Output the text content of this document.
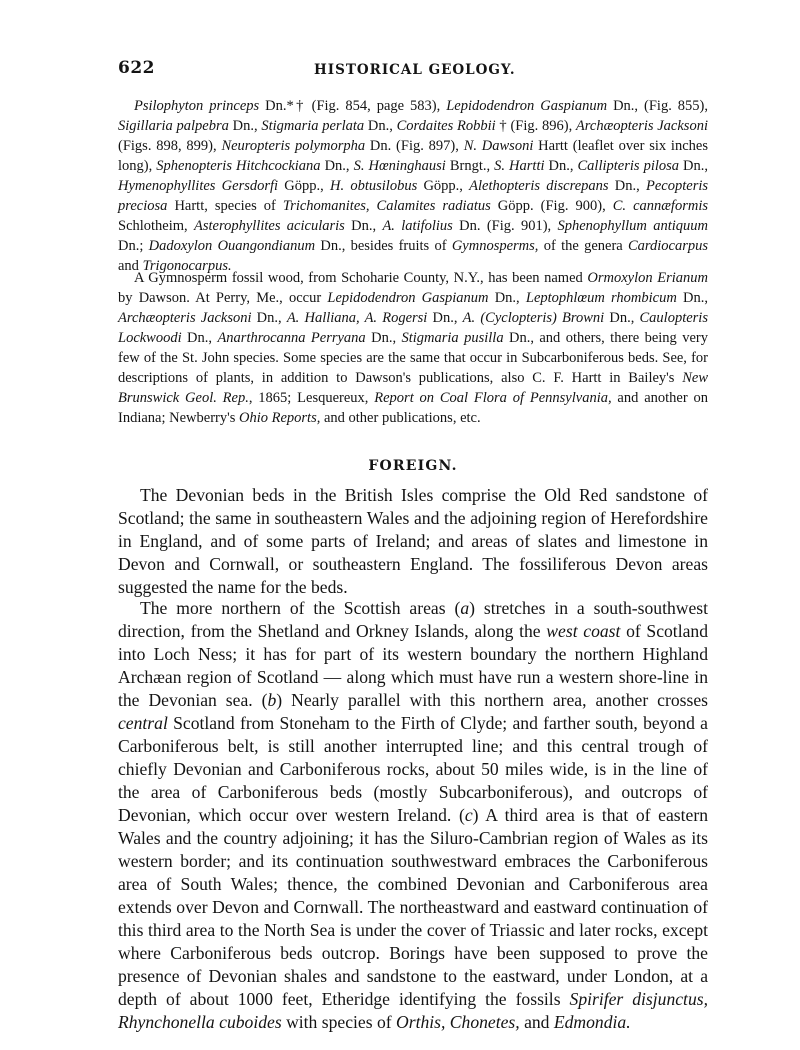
622	HISTORICAL GEOLOGY.

Psilophyton princeps Dn.*† (Fig. 854, page 583), Lepidodendron Gaspianum Dn., (Fig. 855), Sigillaria palpebra Dn., Stigmaria perlata Dn., Cordaites Robbii † (Fig. 896), Archæopteris Jacksoni (Figs. 898, 899), Neuropteris polymorpha Dn. (Fig. 897), N. Dawsoni Hartt (leaflet over six inches long), Sphenopteris Hitchcockiana Dn., S. Hœninghausi Brngt., S. Hartti Dn., Callipteris pilosa Dn., Hymenophyllites Gersdorfi Göpp., H. obtusilobus Göpp., Alethopteris discrepans Dn., Pecopteris preciosa Hartt, species of Trichomanites, Calamites radiatus Göpp. (Fig. 900), C. cannæformis Schlotheim, Asterophyllites acicularis Dn., A. latifolius Dn. (Fig. 901), Sphenophyllum antiquum Dn.; Dadoxylon Ouangondianum Dn., besides fruits of Gymnosperms, of the genera Cardiocarpus and Trigonocarpus.

A Gymnosperm fossil wood, from Schoharie County, N.Y., has been named Ormoxylon Erianum by Dawson. At Perry, Me., occur Lepidodendron Gaspianum Dn., Leptophlœum rhombicum Dn., Archæopteris Jacksoni Dn., A. Halliana, A. Rogersi Dn., A. (Cyclopteris) Browni Dn., Caulopteris Lockwoodi Dn., Anarthrocanna Perryana Dn., Stigmaria pusilla Dn., and others, there being very few of the St. John species. Some species are the same that occur in Subcarboniferous beds. See, for descriptions of plants, in addition to Dawson's publications, also C. F. Hartt in Bailey's New Brunswick Geol. Rep., 1865; Lesquereux, Report on Coal Flora of Pennsylvania, and another on Indiana; Newberry's Ohio Reports, and other publications, etc.

FOREIGN.

The Devonian beds in the British Isles comprise the Old Red sandstone of Scotland; the same in southeastern Wales and the adjoining region of Herefordshire in England, and of some parts of Ireland; and areas of slates and limestone in Devon and Cornwall, or southeastern England. The fossiliferous Devon areas suggested the name for the beds.

The more northern of the Scottish areas (a) stretches in a south-southwest direction, from the Shetland and Orkney Islands, along the west coast of Scotland into Loch Ness; it has for part of its western boundary the northern Highland Archæan region of Scotland — along which must have run a western shore-line in the Devonian sea. (b) Nearly parallel with this northern area, another crosses central Scotland from Stoneham to the Firth of Clyde; and farther south, beyond a Carboniferous belt, is still another interrupted line; and this central trough of chiefly Devonian and Carboniferous rocks, about 50 miles wide, is in the line of the area of Carboniferous beds (mostly Subcarboniferous), and outcrops of Devonian, which occur over western Ireland. (c) A third area is that of eastern Wales and the country adjoining; it has the Siluro-Cambrian region of Wales as its western border; and its continuation southwestward embraces the Carboniferous area of South Wales; thence, the combined Devonian and Carboniferous area extends over Devon and Cornwall. The northeastward and eastward continuation of this third area to the North Sea is under the cover of Triassic and later rocks, except where Carboniferous beds outcrop. Borings have been supposed to prove the presence of Devonian shales and sandstone to the eastward, under London, at a depth of about 1000 feet, Etheridge identifying the fossils Spirifer disjunctus, Rhynchonella cuboides with species of Orthis, Chonetes, and Edmondia.
